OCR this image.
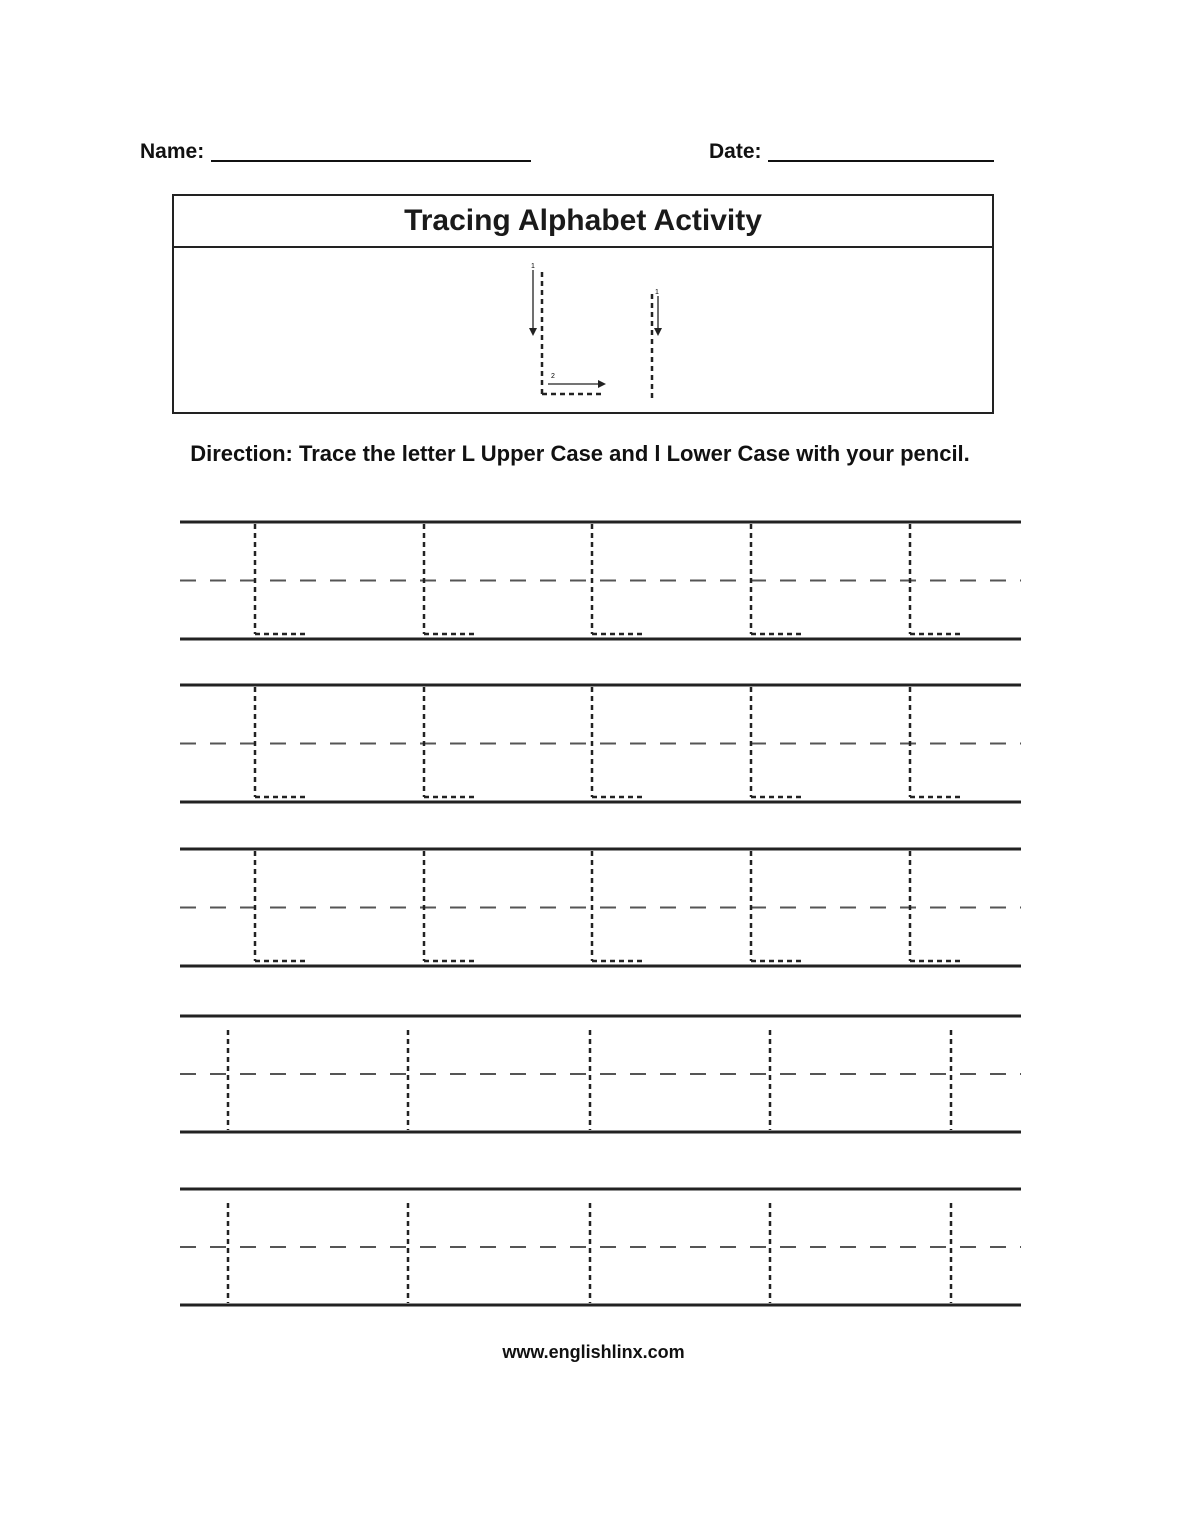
Name:	Date:
Tracing Alphabet Activity
1
2
1
Direction: Trace the letter L Upper Case and l Lower Case with your pencil.
www.englishlinx.com
